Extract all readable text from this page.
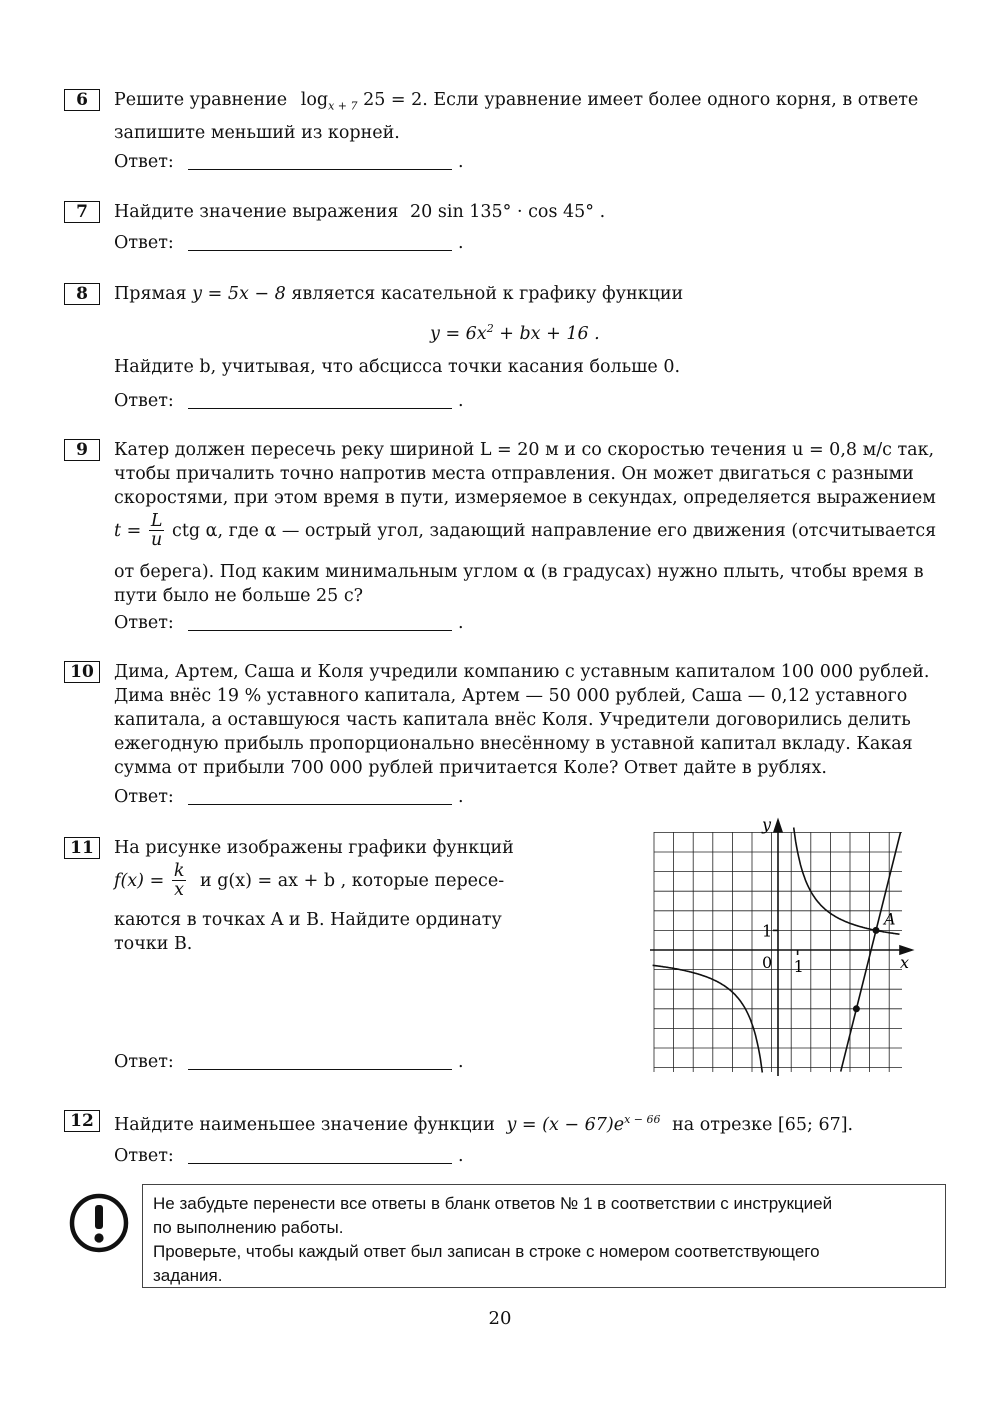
6	Решите уравнение $\log_{x + 7} 25 = 2$. Если уравнение имеет более одного корня, в ответе

запишите меньший из корней.

Ответ:	.
7	Найдите значение выражения 20 sin 135° · cos 45° .

Ответ:	.
8	Прямая y = 5x − 8 является касательной к графику функции

$y = 6x^2$ + bx + 16 .

Найдите b, учитывая, что абсцисса точки касания больше 0.

Ответ:	.
9	Катер должен пересечь реку шириной L = 20 м и со скоростью течения u = 0,8 м/с так,

чтобы причалить точно напротив места отправления. Он может двигаться с разными

скоростями, при этом время в пути, измеряемое в секундах, определяется выражением

$t = \frac{L}{u}$ ctg α, где α — острый угол, задающий направление его движения (отсчитывается

от берега). Под каким минимальным углом α (в градусах) нужно плыть, чтобы время в

пути было не больше 25 с?

Ответ:	.
10	Дима, Артем, Саша и Коля учредили компанию с уставным капиталом 100 000 рублей.

Дима внёс 19 % уставного капитала, Артем — 50 000 рублей, Саша — 0,12 уставного

капитала, а оставшуюся часть капитала внёс Коля. Учредители договорились делить

ежегодную прибыль пропорционально внесённому в уставной капитал вкладу. Какая

сумма от прибыли 700 000 рублей причитается Коле? Ответ дайте в рублях.

Ответ:	.
11	На рисунке изображены графики функций

$f(x) = \frac{k}{x}$ и g(x) = ax + b , которые пересе-

каются в точках A и B. Найдите ординату

точки B.

A
y
x
0 1
1
Ответ:	.
12	Найдите наименьшее значение функции $y = (x - 67)e^{x - 66}$ на отрезке [65; 67].

Ответ:	.
Не забудьте перенести все ответы в бланк ответов № 1 в соответствии с инструкцией
по выполнению работы.
Проверьте, чтобы каждый ответ был записан в строке с номером соответствующего
задания.
20
